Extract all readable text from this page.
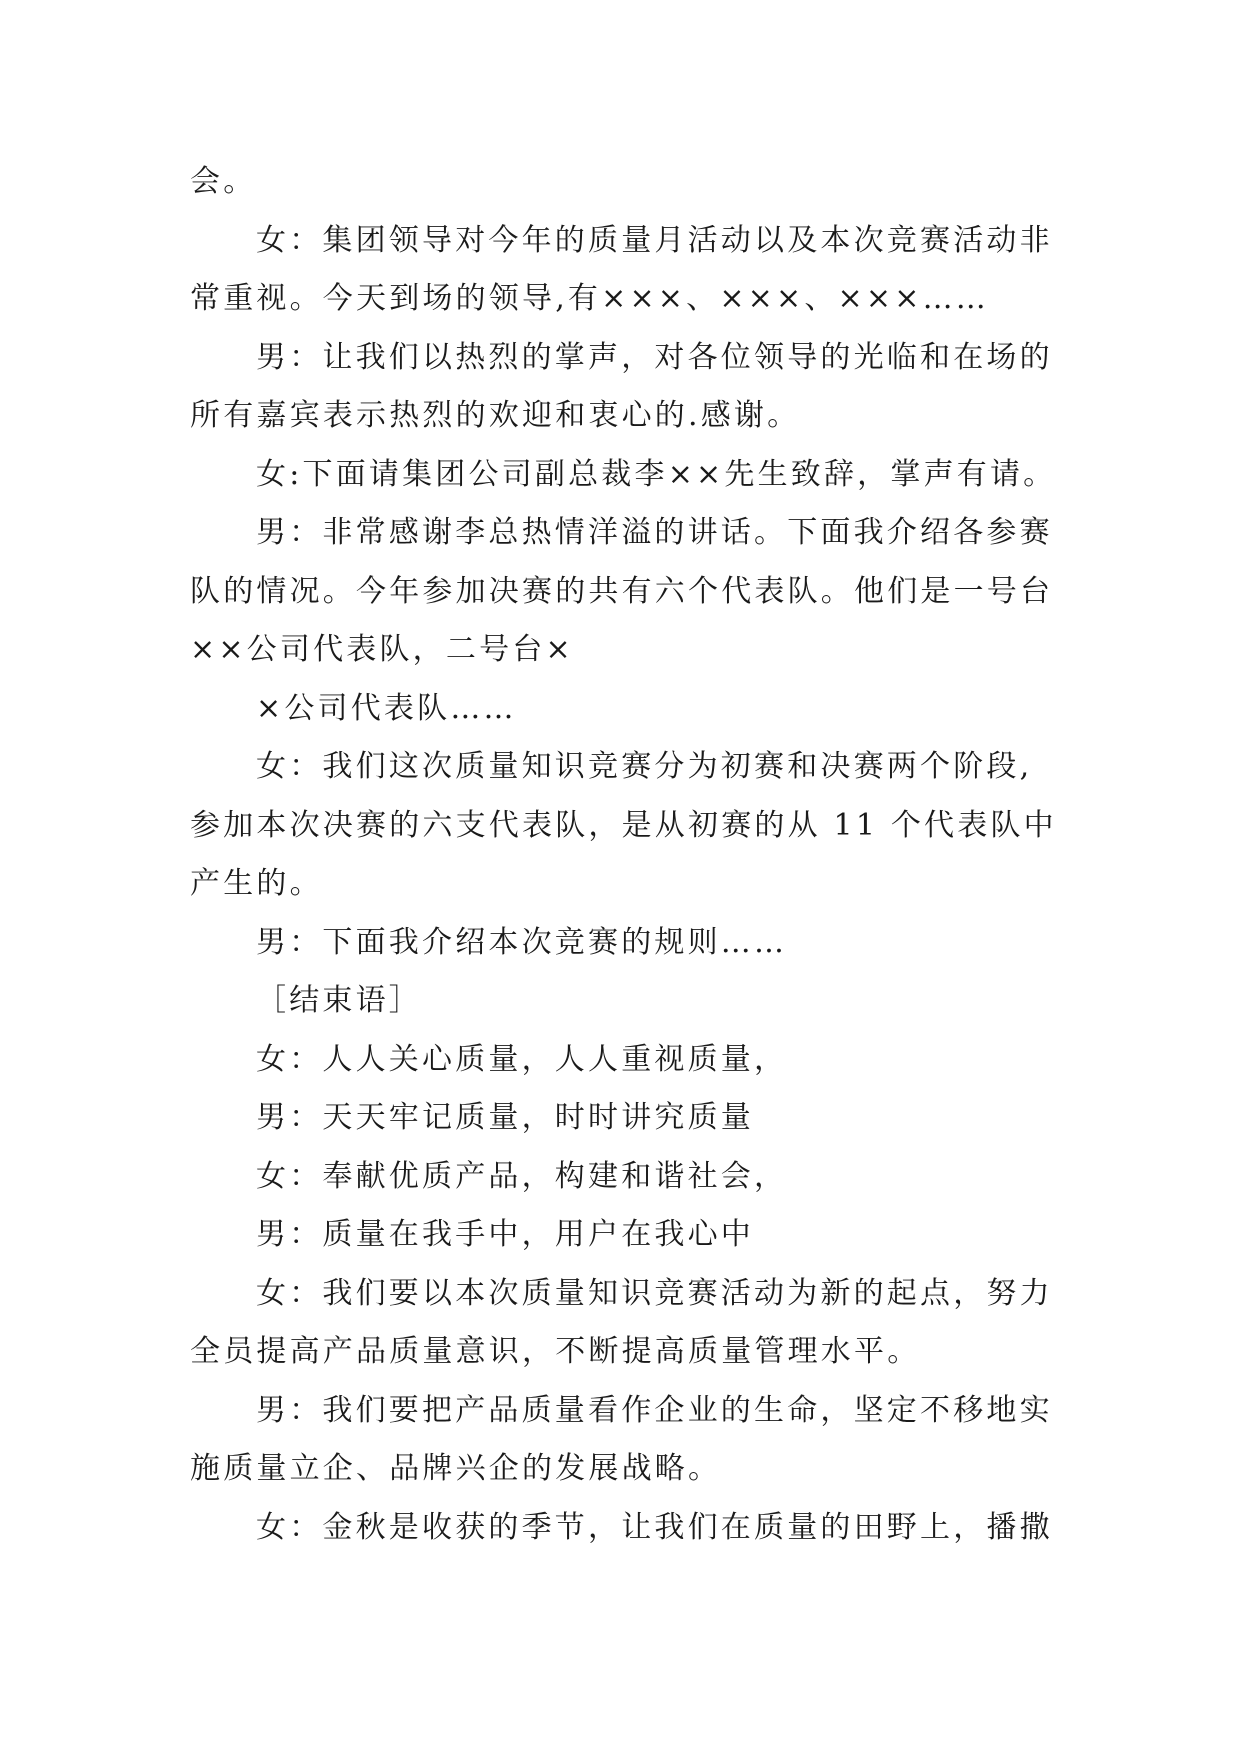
会。
女：集团领导对今年的质量月活动以及本次竞赛活动非
常重视。今天到场的领导,有×××、×××、×××……
男：让我们以热烈的掌声，对各位领导的光临和在场的
所有嘉宾表示热烈的欢迎和衷心的.感谢。
女:下面请集团公司副总裁李××先生致辞，掌声有请。
男：非常感谢李总热情洋溢的讲话。下面我介绍各参赛
队的情况。今年参加决赛的共有六个代表队。他们是一号台
××公司代表队，二号台×
×公司代表队……
女：我们这次质量知识竞赛分为初赛和决赛两个阶段,
参加本次决赛的六支代表队，是从初赛的从 11 个代表队中
产生的。
男：下面我介绍本次竞赛的规则……
［结束语］
女：人人关心质量，人人重视质量，
男：天天牢记质量，时时讲究质量
女：奉献优质产品，构建和谐社会，
男：质量在我手中，用户在我心中
女：我们要以本次质量知识竞赛活动为新的起点，努力
全员提高产品质量意识，不断提高质量管理水平。
男：我们要把产品质量看作企业的生命，坚定不移地实
施质量立企、品牌兴企的发展战略。
女：金秋是收获的季节，让我们在质量的田野上，播撒
